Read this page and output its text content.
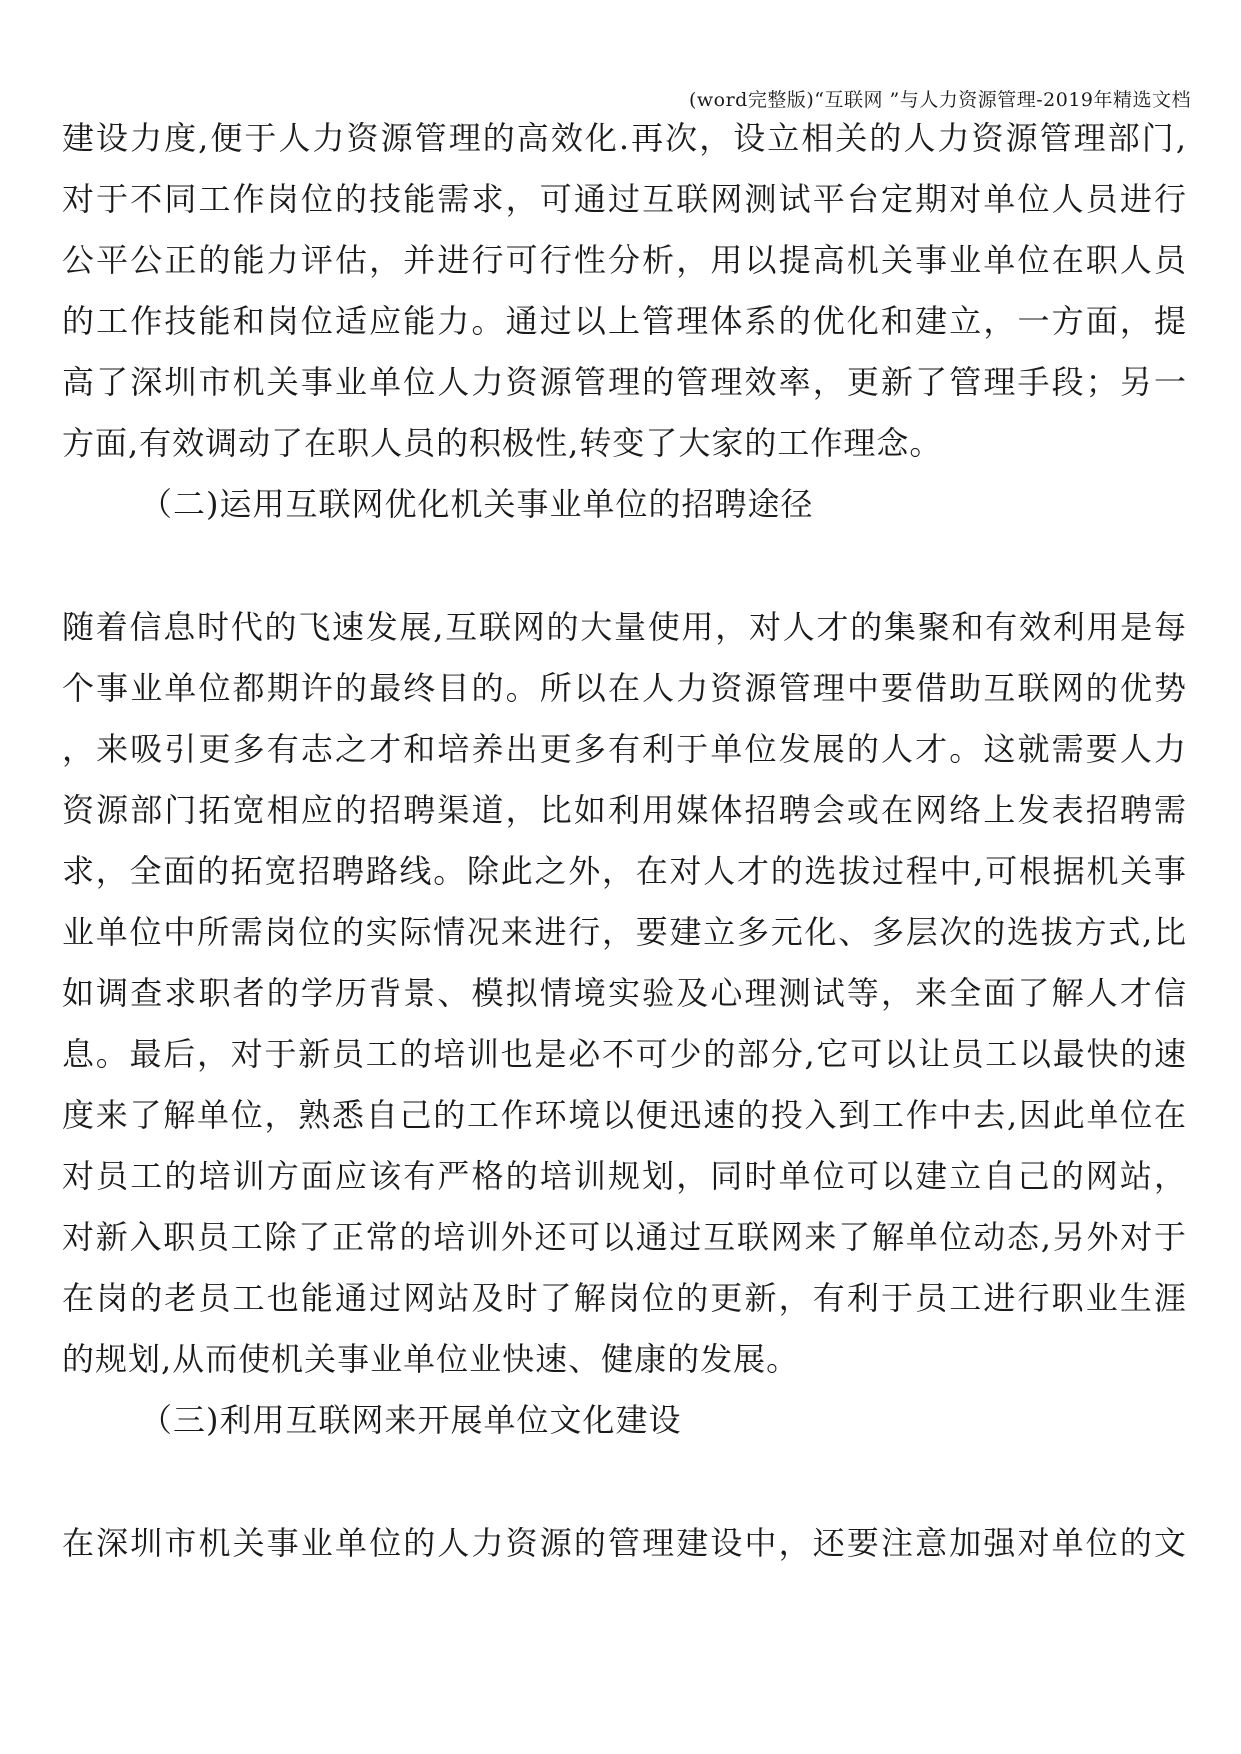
(word完整版)“互联网 ”与人力资源管理-2019年精选文档
建设力度,便于人力资源管理的高效化.再次，设立相关的人力资源管理部门,
对于不同工作岗位的技能需求，可通过互联网测试平台定期对单位人员进行
公平公正的能力评估，并进行可行性分析，用以提高机关事业单位在职人员
的工作技能和岗位适应能力。通过以上管理体系的优化和建立，一方面，提
高了深圳市机关事业单位人力资源管理的管理效率，更新了管理手段；另一
方面,有效调动了在职人员的积极性,转变了大家的工作理念。
（二)运用互联网优化机关事业单位的招聘途径
随着信息时代的飞速发展,互联网的大量使用，对人才的集聚和有效利用是每
个事业单位都期许的最终目的。所以在人力资源管理中要借助互联网的优势
，来吸引更多有志之才和培养出更多有利于单位发展的人才。这就需要人力
资源部门拓宽相应的招聘渠道，比如利用媒体招聘会或在网络上发表招聘需
求，全面的拓宽招聘路线。除此之外，在对人才的选拔过程中,可根据机关事
业单位中所需岗位的实际情况来进行，要建立多元化、多层次的选拔方式,比
如调查求职者的学历背景、模拟情境实验及心理测试等，来全面了解人才信
息。最后，对于新员工的培训也是必不可少的部分,它可以让员工以最快的速
度来了解单位，熟悉自己的工作环境以便迅速的投入到工作中去,因此单位在
对员工的培训方面应该有严格的培训规划，同时单位可以建立自己的网站，
对新入职员工除了正常的培训外还可以通过互联网来了解单位动态,另外对于
在岗的老员工也能通过网站及时了解岗位的更新，有利于员工进行职业生涯
的规划,从而使机关事业单位业快速、健康的发展。
（三)利用互联网来开展单位文化建设
在深圳市机关事业单位的人力资源的管理建设中，还要注意加强对单位的文
